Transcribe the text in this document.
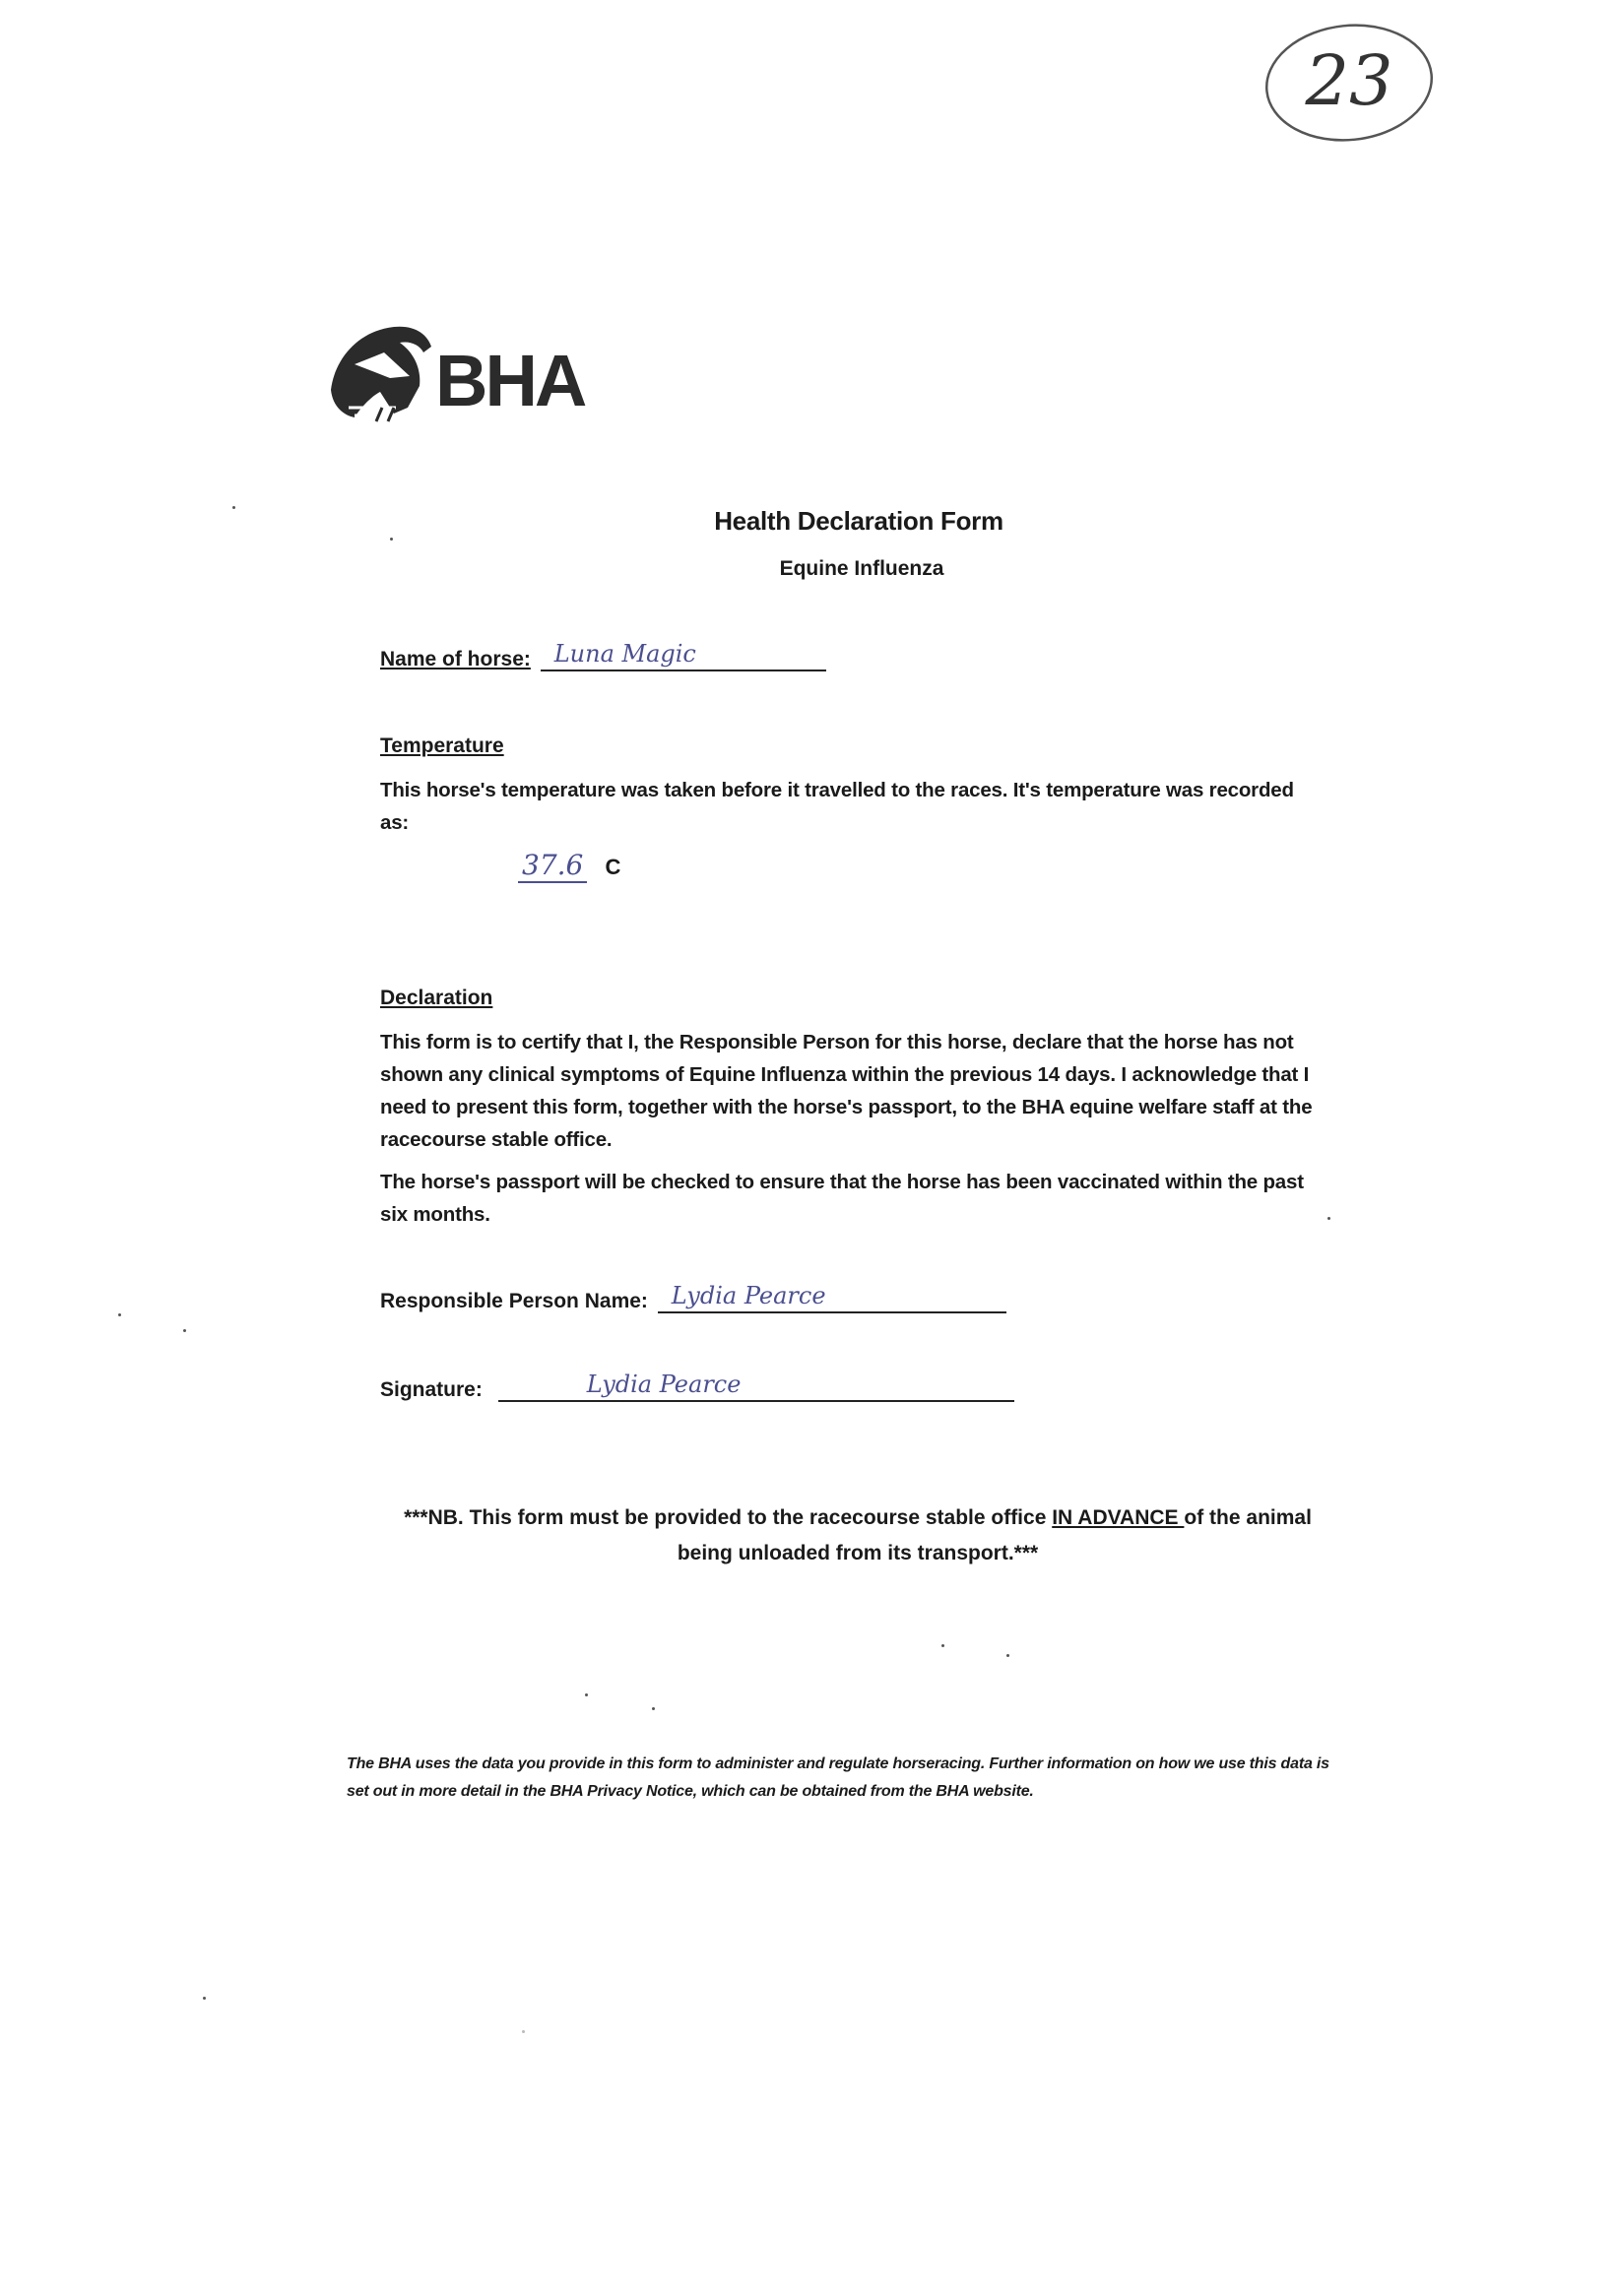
23
BHA
Health Declaration Form
Equine Influenza
Name of horse: Luna Magic
Temperature
This horse's temperature was taken before it travelled to the races. It's temperature was recorded as:
37.6 C
Declaration
This form is to certify that I, the Responsible Person for this horse, declare that the horse has not shown any clinical symptoms of Equine Influenza within the previous 14 days. I acknowledge that I need to present this form, together with the horse's passport, to the BHA equine welfare staff at the racecourse stable office.
The horse's passport will be checked to ensure that the horse has been vaccinated within the past six months.
Responsible Person Name: Lydia Pearce
Signature:	Lydia Pearce
***NB. This form must be provided to the racecourse stable office IN ADVANCE of the animal being unloaded from its transport.***
The BHA uses the data you provide in this form to administer and regulate horseracing. Further information on how we use this data is set out in more detail in the BHA Privacy Notice, which can be obtained from the BHA website.
